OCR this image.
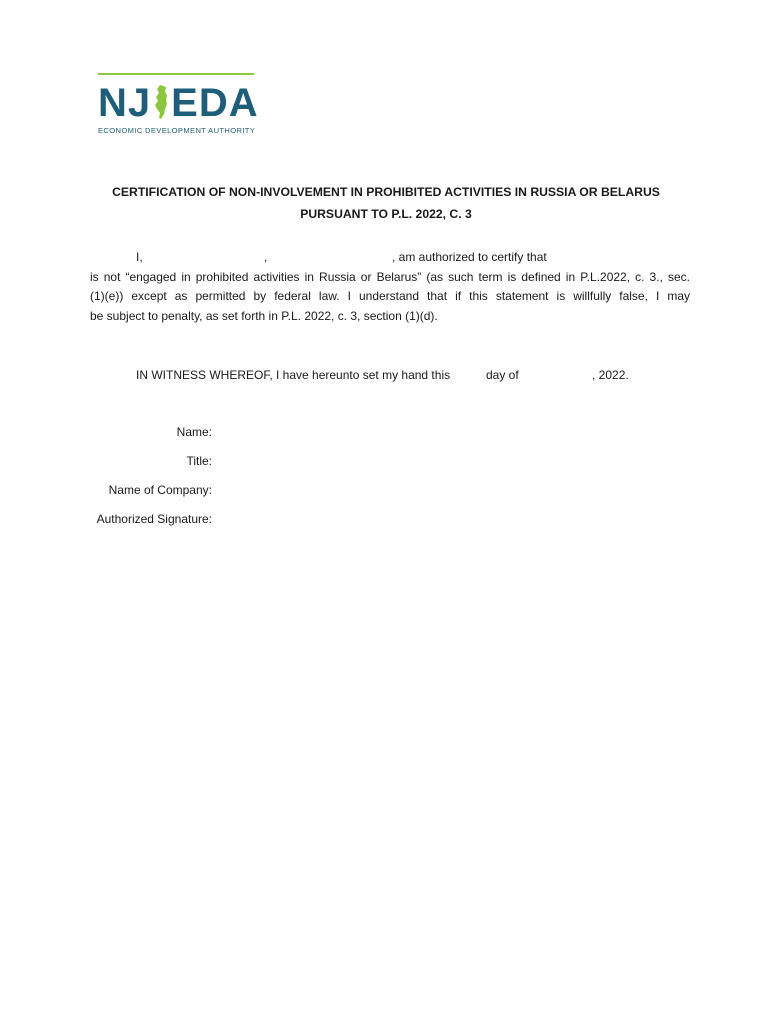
NJ EDA
ECONOMIC DEVELOPMENT AUTHORITY
CERTIFICATION OF NON-INVOLVEMENT IN PROHIBITED ACTIVITIES IN RUSSIA OR BELARUS
PURSUANT TO P.L. 2022, C. 3
I,	,	, am authorized to certify that
is not “engaged in prohibited activities in Russia or Belarus” (as such term is defined in P.L.2022, c. 3., sec.
(1)(e)) except as permitted by federal law. I understand that if this statement is willfully false, I may
be subject to penalty, as set forth in P.L. 2022, c. 3, section (1)(d).
IN WITNESS WHEREOF, I have hereunto set my hand this	day of	, 2022.
Name:
Title:
Name of Company:
Authorized Signature:
